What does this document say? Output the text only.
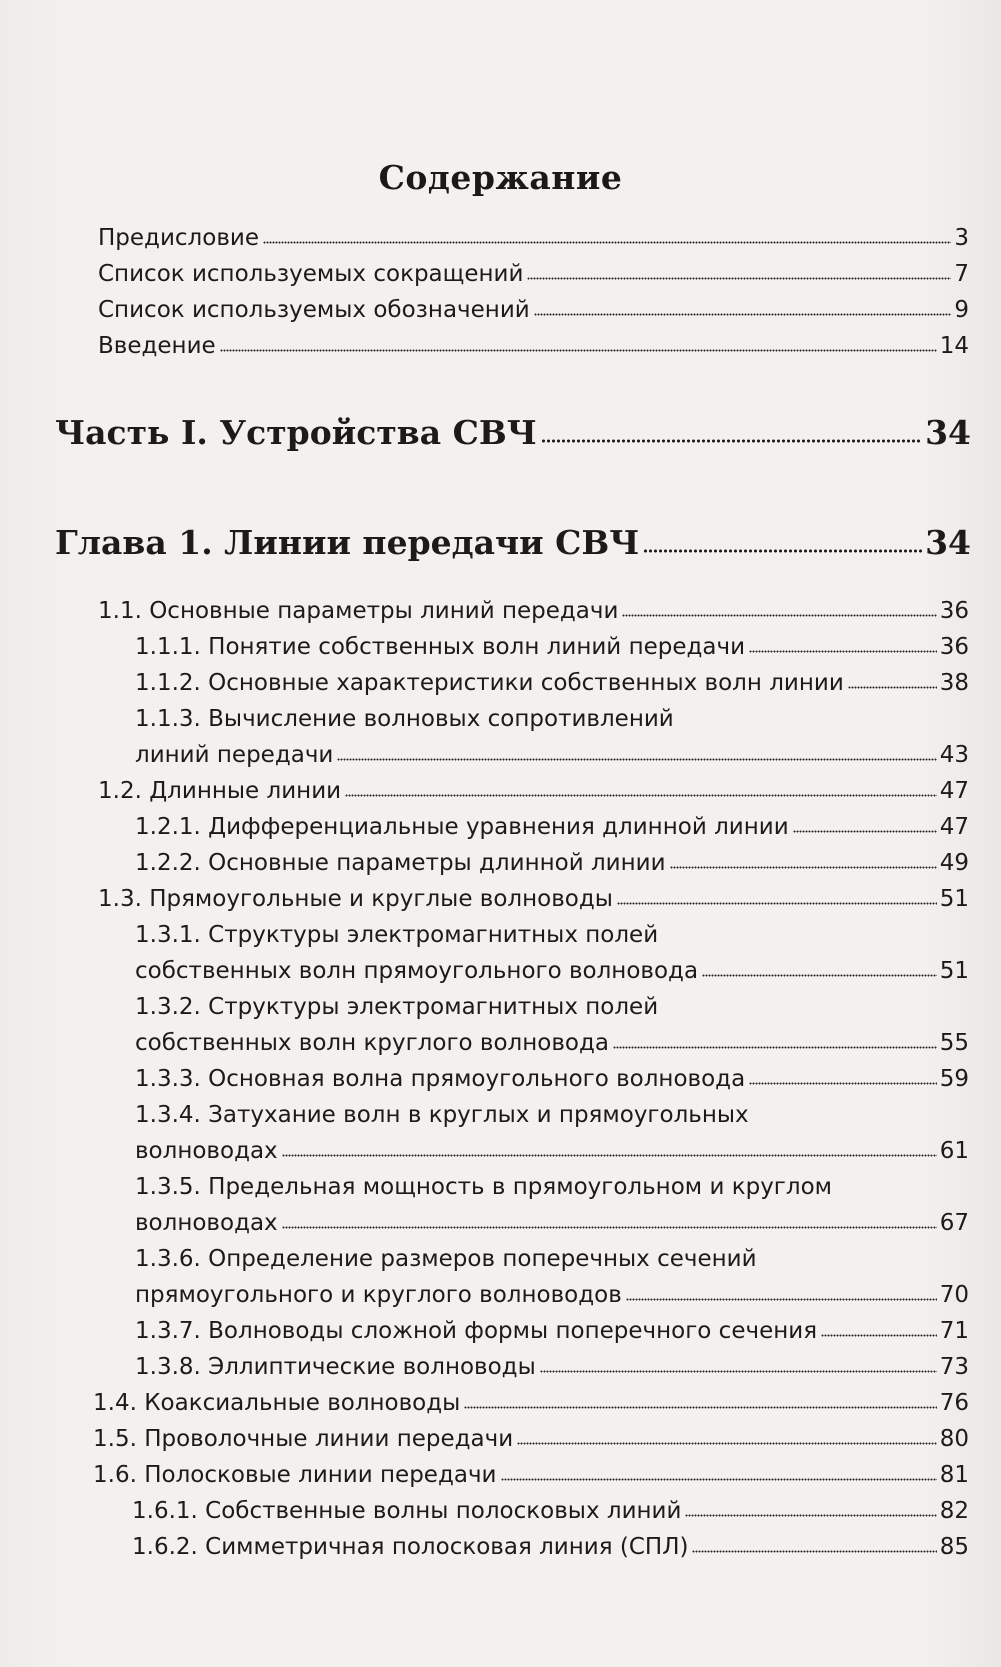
Содержание
Предисловие	3
Список используемых сокращений	7
Список используемых обозначений	9
Введение	14
Часть I. Устройства СВЧ	34
Глава 1. Линии передачи СВЧ	34
1.1. Основные параметры линий передачи	36
1.1.1. Понятие собственных волн линий передачи	36
1.1.2. Основные характеристики собственных волн линии	38
1.1.3. Вычисление волновых сопротивлений
линий передачи	43
1.2. Длинные линии	47
1.2.1. Дифференциальные уравнения длинной линии	47
1.2.2. Основные параметры длинной линии	49
1.3. Прямоугольные и круглые волноводы	51
1.3.1. Структуры электромагнитных полей
собственных волн прямоугольного волновода	51
1.3.2. Структуры электромагнитных полей
собственных волн круглого волновода	55
1.3.3. Основная волна прямоугольного волновода	59
1.3.4. Затухание волн в круглых и прямоугольных
волноводах	61
1.3.5. Предельная мощность в прямоугольном и круглом
волноводах	67
1.3.6. Определение размеров поперечных сечений
прямоугольного и круглого волноводов	70
1.3.7. Волноводы сложной формы поперечного сечения	71
1.3.8. Эллиптические волноводы	73
1.4. Коаксиальные волноводы	76
1.5. Проволочные линии передачи	80
1.6. Полосковые линии передачи	81
1.6.1. Собственные волны полосковых линий	82
1.6.2. Симметричная полосковая линия (СПЛ)	85
